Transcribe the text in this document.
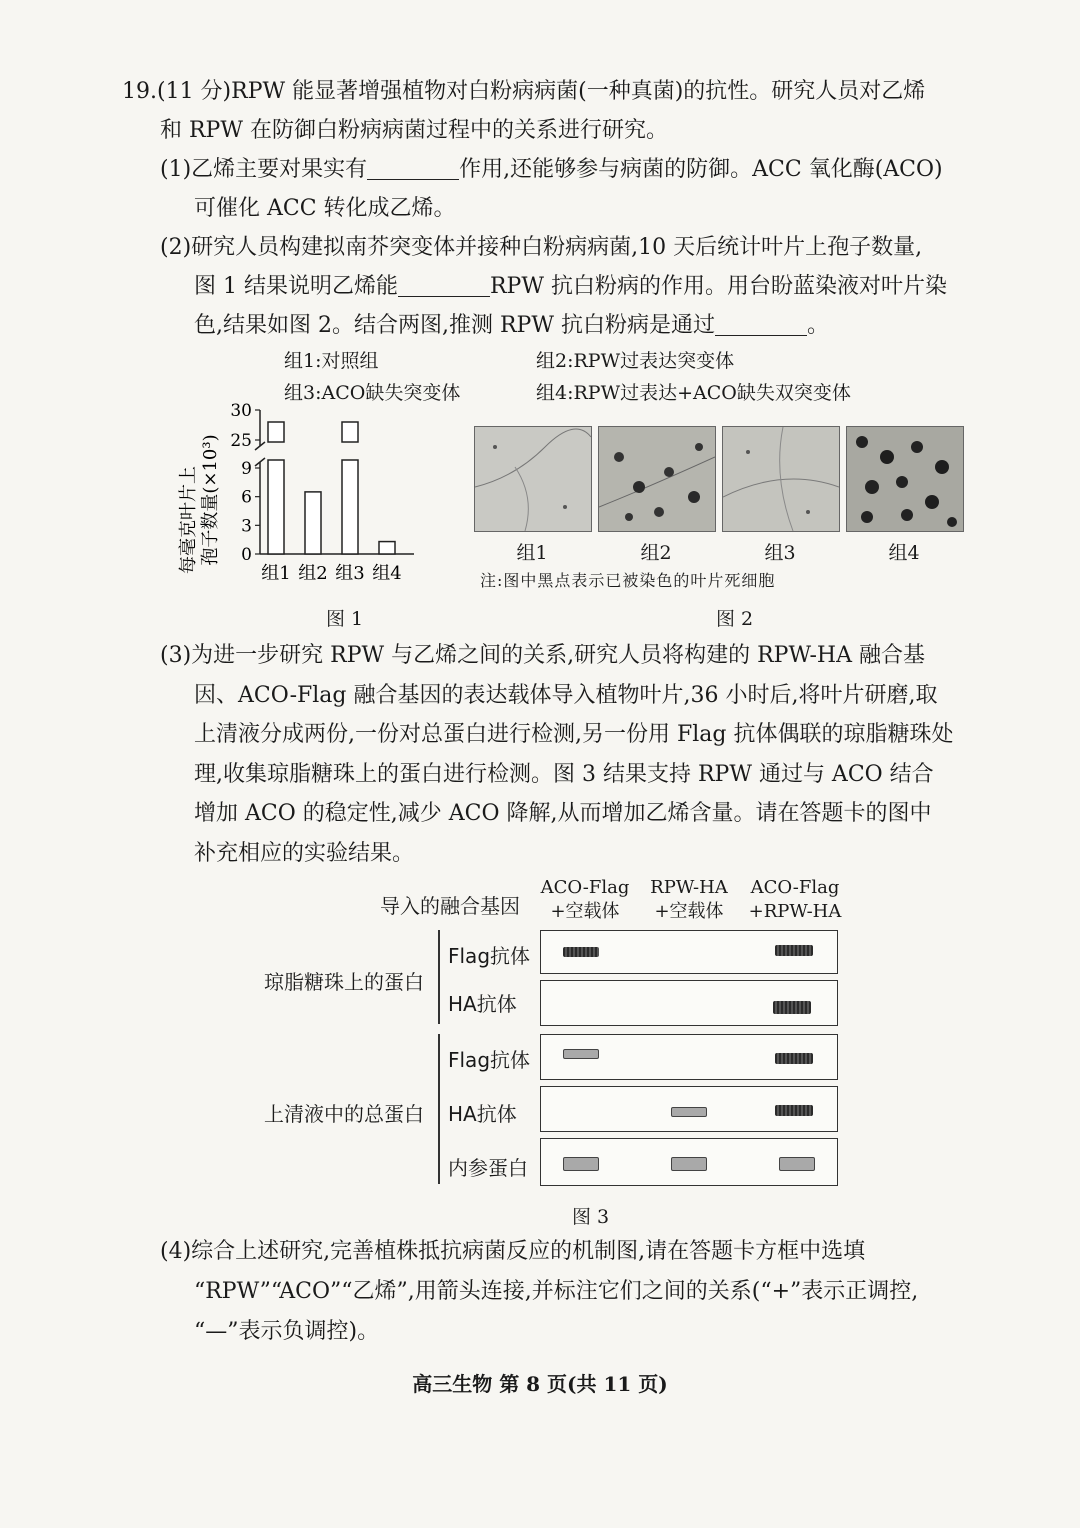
19.(11 分)RPW 能显著增强植物对白粉病病菌(一种真菌)的抗性。研究人员对乙烯
和 RPW 在防御白粉病病菌过程中的关系进行研究。
(1)乙烯主要对果实有	作用,还能够参与病菌的防御。ACC 氧化酶(ACO)
可催化 ACC 转化成乙烯。
(2)研究人员构建拟南芥突变体并接种白粉病病菌,10 天后统计叶片上孢子数量,
图 1 结果说明乙烯能	RPW 抗白粉病的作用。用台盼蓝染液对叶片染
色,结果如图 2。结合两图,推测 RPW 抗白粉病是通过	。
组1:对照组	组2:RPW过表达突变体
组3:ACO缺失突变体	组4:RPW过表达+ACO缺失双突变体
每毫克叶片上 孢子数量(×10³) 0
3
6
9
25
30
组1 组2 组3 组4
图 1
组1	组2	组3	组4
注:图中黑点表示已被染色的叶片死细胞
图 2
(3)为进一步研究 RPW 与乙烯之间的关系,研究人员将构建的 RPW-HA 融合基
因、ACO-Flag 融合基因的表达载体导入植物叶片,36 小时后,将叶片研磨,取
上清液分成两份,一份对总蛋白进行检测,另一份用 Flag 抗体偶联的琼脂糖珠处
理,收集琼脂糖珠上的蛋白进行检测。图 3 结果支持 RPW 通过与 ACO 结合
增加 ACO 的稳定性,减少 ACO 降解,从而增加乙烯含量。请在答题卡的图中
补充相应的实验结果。
导入的融合基因
ACO-Flag
+空载体
RPW-HA
+空载体
ACO-Flag
+RPW-HA
琼脂糖珠上的蛋白
上清液中的总蛋白
Flag抗体
HA抗体
Flag抗体
HA抗体
内参蛋白
图 3
(4)综合上述研究,完善植株抵抗病菌反应的机制图,请在答题卡方框中选填
“RPW”“ACO”“乙烯”,用箭头连接,并标注它们之间的关系(“+”表示正调控,
“—”表示负调控)。
高三生物 第 8 页(共 11 页)
